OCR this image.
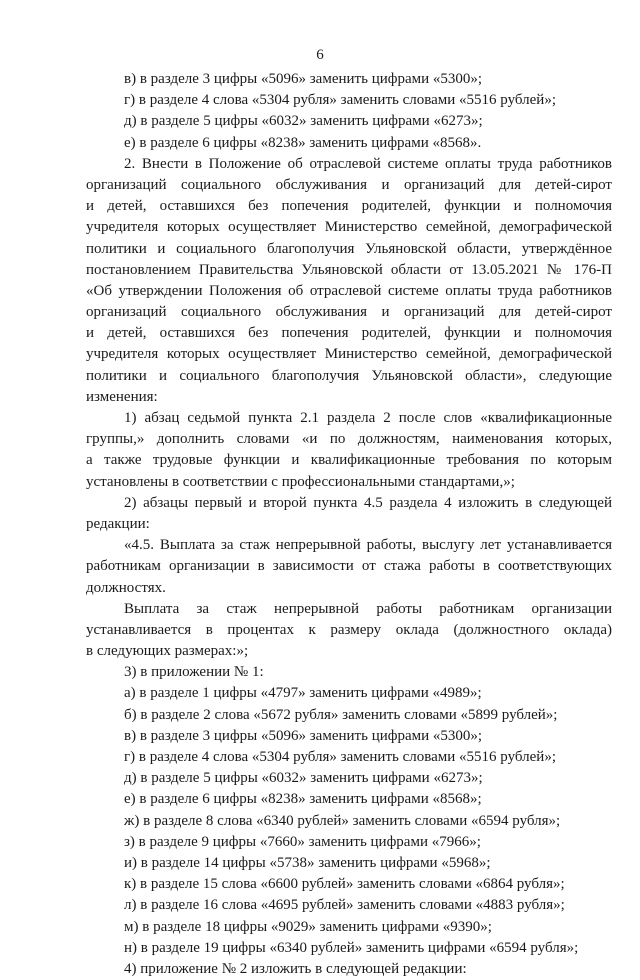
6
в) в разделе 3 цифры «5096» заменить цифрами «5300»;
г) в разделе 4 слова «5304 рубля» заменить словами «5516 рублей»;
д) в разделе 5 цифры «6032» заменить цифрами «6273»;
е) в разделе 6 цифры «8238» заменить цифрами «8568».
2. Внести в Положение об отраслевой системе оплаты труда работников
организаций социального обслуживания и организаций для детей-сирот
и детей, оставшихся без попечения родителей, функции и полномочия
учредителя которых осуществляет Министерство семейной, демографической
политики и социального благополучия Ульяновской области, утверждённое
постановлением Правительства Ульяновской области от 13.05.2021 № 176-П
«Об утверждении Положения об отраслевой системе оплаты труда работников
организаций социального обслуживания и организаций для детей-сирот
и детей, оставшихся без попечения родителей, функции и полномочия
учредителя которых осуществляет Министерство семейной, демографической
политики и социального благополучия Ульяновской области», следующие
изменения:
1) абзац седьмой пункта 2.1 раздела 2 после слов «квалификационные
группы,» дополнить словами «и по должностям, наименования которых,
а также трудовые функции и квалификационные требования по которым
установлены в соответствии с профессиональными стандартами,»;
2) абзацы первый и второй пункта 4.5 раздела 4 изложить в следующей
редакции:
«4.5. Выплата за стаж непрерывной работы, выслугу лет устанавливается
работникам организации в зависимости от стажа работы в соответствующих
должностях.
Выплата за стаж непрерывной работы работникам организации
устанавливается в процентах к размеру оклада (должностного оклада)
в следующих размерах:»;
3) в приложении № 1:
а) в разделе 1 цифры «4797» заменить цифрами «4989»;
б) в разделе 2 слова «5672 рубля» заменить словами «5899 рублей»;
в) в разделе 3 цифры «5096» заменить цифрами «5300»;
г) в разделе 4 слова «5304 рубля» заменить словами «5516 рублей»;
д) в разделе 5 цифры «6032» заменить цифрами «6273»;
е) в разделе 6 цифры «8238» заменить цифрами «8568»;
ж) в разделе 8 слова «6340 рублей» заменить словами «6594 рубля»;
з) в разделе 9 цифры «7660» заменить цифрами «7966»;
и) в разделе 14 цифры «5738» заменить цифрами «5968»;
к) в разделе 15 слова «6600 рублей» заменить словами «6864 рубля»;
л) в разделе 16 слова «4695 рублей» заменить словами «4883 рубля»;
м) в разделе 18 цифры «9029» заменить цифрами «9390»;
н) в разделе 19 цифры «6340 рублей» заменить цифрами «6594 рубля»;
4) приложение № 2 изложить в следующей редакции:
